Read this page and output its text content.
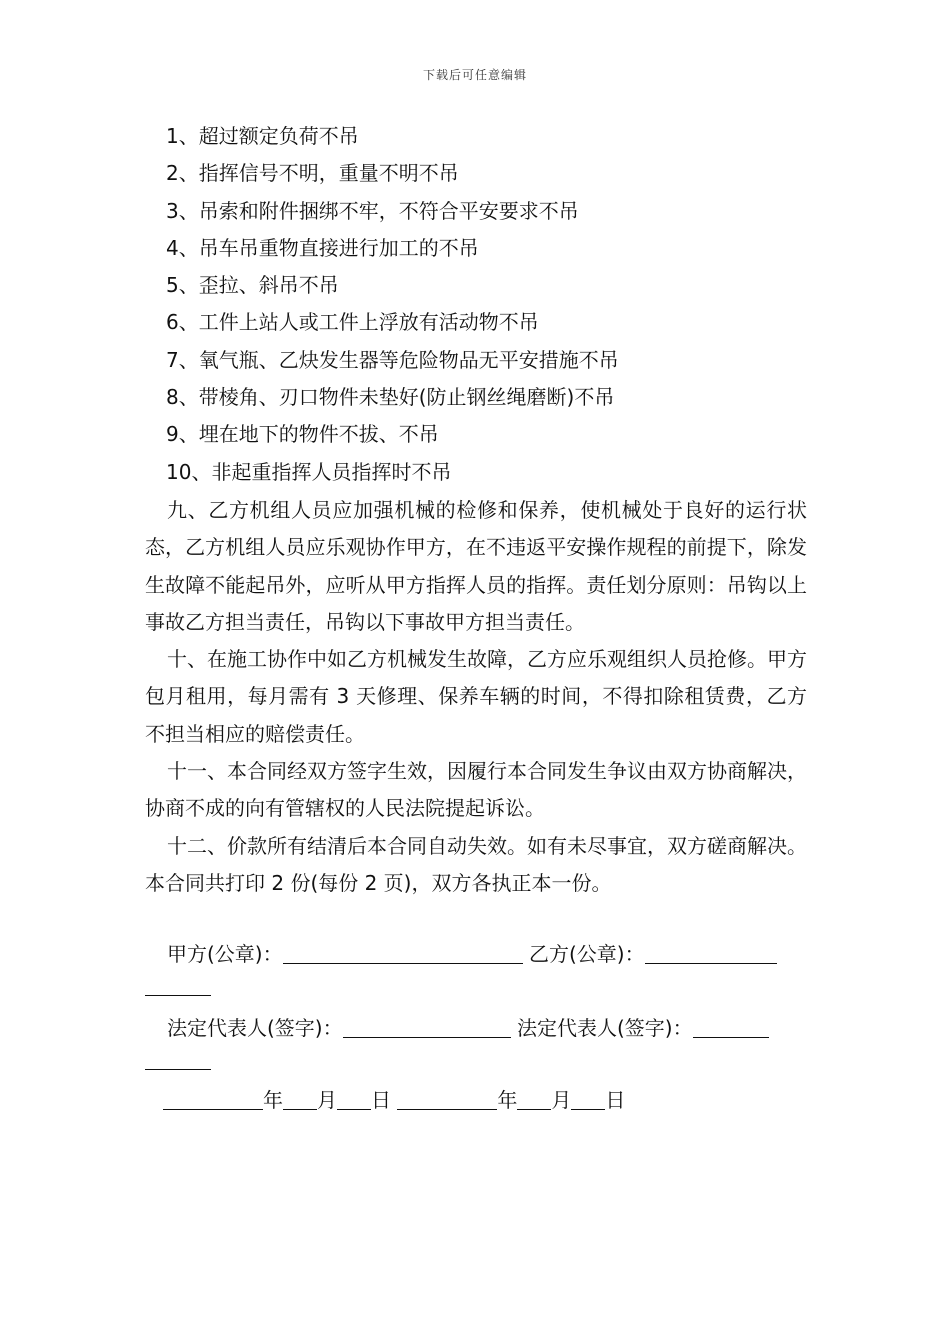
下载后可任意编辑
1、超过额定负荷不吊
2、指挥信号不明，重量不明不吊
3、吊索和附件捆绑不牢，不符合平安要求不吊
4、吊车吊重物直接进行加工的不吊
5、歪拉、斜吊不吊
6、工件上站人或工件上浮放有活动物不吊
7、氧气瓶、乙炔发生器等危险物品无平安措施不吊
8、带棱角、刃口物件未垫好(防止钢丝绳磨断)不吊
9、埋在地下的物件不拔、不吊
10、非起重指挥人员指挥时不吊

九、乙方机组人员应加强机械的检修和保养，使机械处于良好的运行状态，乙方机组人员应乐观协作甲方，在不违返平安操作规程的前提下，除发生故障不能起吊外，应听从甲方指挥人员的指挥。责任划分原则：吊钩以上事故乙方担当责任，吊钩以下事故甲方担当责任。

十、在施工协作中如乙方机械发生故障，乙方应乐观组织人员抢修。甲方包月租用，每月需有 3 天修理、保养车辆的时间，不得扣除租赁费，乙方不担当相应的赔偿责任。

十一、本合同经双方签字生效，因履行本合同发生争议由双方协商解决，协商不成的向有管辖权的人民法院提起诉讼。

十二、价款所有结清后本合同自动失效。如有未尽事宜，双方磋商解决。本合同共打印 2 份(每份 2 页)，双方各执正本一份。

甲方(公章)：	乙方(公章)：

法定代表人(签字)：	法定代表人(签字)：

年 月 日	年 月 日
